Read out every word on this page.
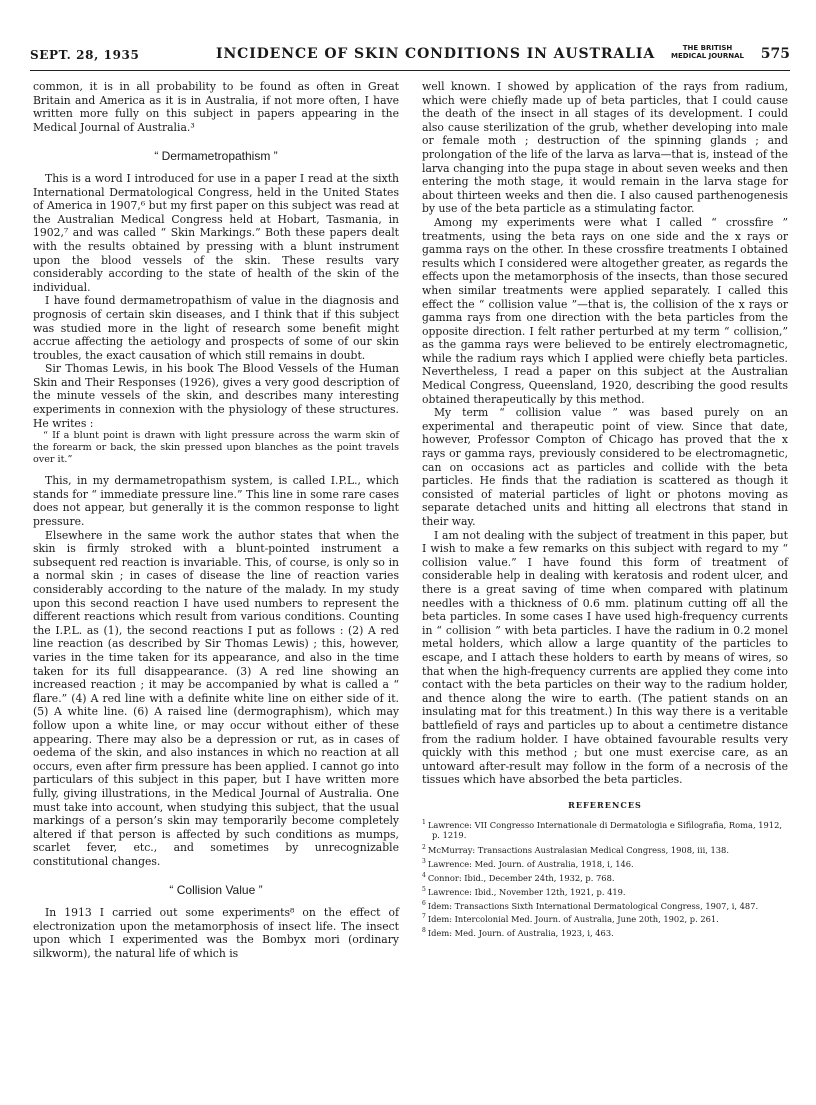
SEPT. 28, 1935	INCIDENCE OF SKIN CONDITIONS IN AUSTRALIA	THE BRITISH
MEDICAL JOURNAL 575

common, it is in all probability to be found as often in Great Britain and America as it is in Australia, if not more often, I have written more fully on this subject in papers appearing in the Medical Journal of Australia.³

“ Dermametropathism ”

This is a word I introduced for use in a paper I read at the sixth International Dermatological Congress, held in the United States of America in 1907,⁶ but my first paper on this subject was read at the Australian Medical Congress held at Hobart, Tasmania, in 1902,⁷ and was called “ Skin Markings.” Both these papers dealt with the results obtained by pressing with a blunt instrument upon the blood vessels of the skin. These results vary considerably according to the state of health of the skin of the individual.

I have found dermametropathism of value in the diagnosis and prognosis of certain skin diseases, and I think that if this subject was studied more in the light of research some benefit might accrue affecting the aetiology and prospects of some of our skin troubles, the exact causation of which still remains in doubt.

Sir Thomas Lewis, in his book The Blood Vessels of the Human Skin and Their Responses (1926), gives a very good description of the minute vessels of the skin, and describes many interesting experiments in connexion with the physiology of these structures. He writes :

“ If a blunt point is drawn with light pressure across the warm skin of the forearm or back, the skin pressed upon blanches as the point travels over it.”

This, in my dermametropathism system, is called I.P.L., which stands for “ immediate pressure line.” This line in some rare cases does not appear, but generally it is the common response to light pressure.

Elsewhere in the same work the author states that when the skin is firmly stroked with a blunt-pointed instrument a subsequent red reaction is invariable. This, of course, is only so in a normal skin ; in cases of disease the line of reaction varies considerably according to the nature of the malady. In my study upon this second reaction I have used numbers to represent the different reactions which result from various conditions. Counting the I.P.L. as (1), the second reactions I put as follows : (2) A red line reaction (as described by Sir Thomas Lewis) ; this, however, varies in the time taken for its appearance, and also in the time taken for its full disappearance. (3) A red line showing an increased reaction ; it may be accompanied by what is called a “ flare.” (4) A red line with a definite white line on either side of it. (5) A white line. (6) A raised line (dermographism), which may follow upon a white line, or may occur without either of these appearing. There may also be a depression or rut, as in cases of oedema of the skin, and also instances in which no reaction at all occurs, even after firm pressure has been applied. I cannot go into particulars of this subject in this paper, but I have written more fully, giving illustrations, in the Medical Journal of Australia. One must take into account, when studying this subject, that the usual markings of a person’s skin may temporarily become completely altered if that person is affected by such conditions as mumps, scarlet fever, etc., and sometimes by unrecognizable constitutional changes.

“ Collision Value ”

In 1913 I carried out some experiments⁸ on the effect of electronization upon the metamorphosis of insect life. The insect upon which I experimented was the Bombyx mori (ordinary silkworm), the natural life of which is

well known. I showed by application of the rays from radium, which were chiefly made up of beta particles, that I could cause the death of the insect in all stages of its development. I could also cause sterilization of the grub, whether developing into male or female moth ; destruction of the spinning glands ; and prolongation of the life of the larva as larva—that is, instead of the larva changing into the pupa stage in about seven weeks and then entering the moth stage, it would remain in the larva stage for about thirteen weeks and then die. I also caused parthenogenesis by use of the beta particle as a stimulating factor.

Among my experiments were what I called “ crossfire ” treatments, using the beta rays on one side and the x rays or gamma rays on the other. In these crossfire treatments I obtained results which I considered were altogether greater, as regards the effects upon the metamorphosis of the insects, than those secured when similar treatments were applied separately. I called this effect the “ collision value ”—that is, the collision of the x rays or gamma rays from one direction with the beta particles from the opposite direction. I felt rather perturbed at my term “ collision,” as the gamma rays were believed to be entirely electromagnetic, while the radium rays which I applied were chiefly beta particles. Nevertheless, I read a paper on this subject at the Australian Medical Congress, Queensland, 1920, describing the good results obtained therapeutically by this method.

My term “ collision value ” was based purely on an experimental and therapeutic point of view. Since that date, however, Professor Compton of Chicago has proved that the x rays or gamma rays, previously considered to be electromagnetic, can on occasions act as particles and collide with the beta particles. He finds that the radiation is scattered as though it consisted of material particles of light or photons moving as separate detached units and hitting all electrons that stand in their way.

I am not dealing with the subject of treatment in this paper, but I wish to make a few remarks on this subject with regard to my “ collision value.” I have found this form of treatment of considerable help in dealing with keratosis and rodent ulcer, and there is a great saving of time when compared with platinum needles with a thickness of 0.6 mm. platinum cutting off all the beta particles. In some cases I have used high-frequency currents in “ collision ” with beta particles. I have the radium in 0.2 monel metal holders, which allow a large quantity of the particles to escape, and I attach these holders to earth by means of wires, so that when the high-frequency currents are applied they come into contact with the beta particles on their way to the radium holder, and thence along the wire to earth. (The patient stands on an insulating mat for this treatment.) In this way there is a veritable battlefield of rays and particles up to about a centimetre distance from the radium holder. I have obtained favourable results very quickly with this method ; but one must exercise care, as an untoward after-result may follow in the form of a necrosis of the tissues which have absorbed the beta particles.

REFERENCES
$^1$ Lawrence: VII Congresso Internationale di Dermatologia e Sifilografia, Roma, 1912, p. 1219.
$^2$ McMurray: Transactions Australasian Medical Congress, 1908, iii, 138.
$^3$ Lawrence: Med. Journ. of Australia, 1918, i, 146.
$^4$ Connor: Ibid., December 24th, 1932, p. 768.
$^5$ Lawrence: Ibid., November 12th, 1921, p. 419.
$^6$ Idem: Transactions Sixth International Dermatological Congress, 1907, i, 487.
$^7$ Idem: Intercolonial Med. Journ. of Australia, June 20th, 1902, p. 261.
$^8$ Idem: Med. Journ. of Australia, 1923, i, 463.
